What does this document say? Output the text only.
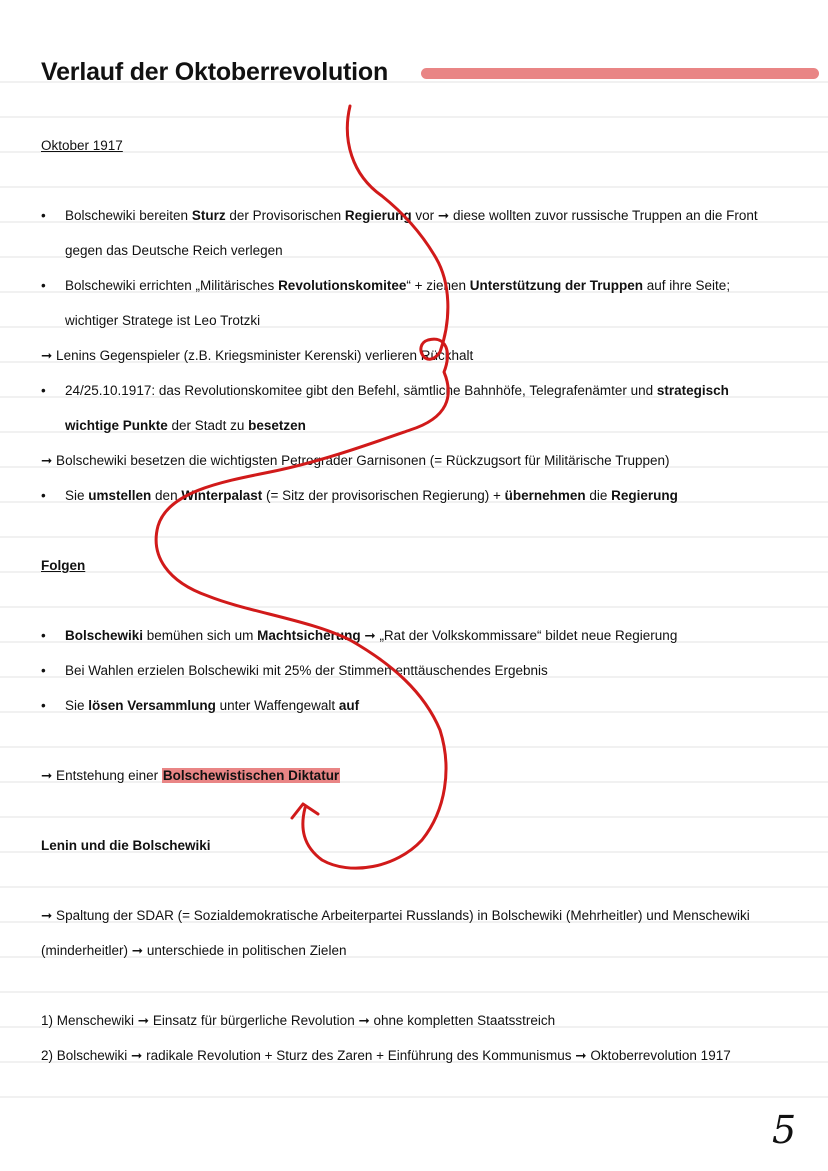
Verlauf der Oktoberrevolution

Oktober 1917

• Bolschewiki bereiten Sturz der Provisorischen Regierung vor ➞ diese wollten zuvor russische Truppen an die Front

gegen das Deutsche Reich verlegen

• Bolschewiki errichten „Militärisches Revolutionskomitee“ + ziehen Unterstützung der Truppen auf ihre Seite;

wichtiger Stratege ist Leo Trotzki

➞ Lenins Gegenspieler (z.B. Kriegsminister Kerenski) verlieren Rückhalt

• 24/25.10.1917: das Revolutionskomitee gibt den Befehl, sämtliche Bahnhöfe, Telegrafenämter und strategisch

wichtige Punkte der Stadt zu besetzen

➞ Bolschewiki besetzen die wichtigsten Petrograder Garnisonen (= Rückzugsort für Militärische Truppen)

• Sie umstellen den Winterpalast (= Sitz der provisorischen Regierung) + übernehmen die Regierung

Folgen

• Bolschewiki bemühen sich um Machtsicherung ➞ „Rat der Volkskommissare“ bildet neue Regierung

• Bei Wahlen erzielen Bolschewiki mit 25% der Stimmen enttäuschendes Ergebnis

• Sie lösen Versammlung unter Waffengewalt auf

➞ Entstehung einer Bolschewistischen Diktatur

Lenin und die Bolschewiki

➞ Spaltung der SDAR (= Sozialdemokratische Arbeiterpartei Russlands) in Bolschewiki (Mehrheitler) und Menschewiki

(minderheitler) ➞ unterschiede in politischen Zielen

1) Menschewiki ➞ Einsatz für bürgerliche Revolution ➞ ohne kompletten Staatsstreich

2) Bolschewiki ➞ radikale Revolution + Sturz des Zaren + Einführung des Kommunismus ➞ Oktoberrevolution 1917

5
